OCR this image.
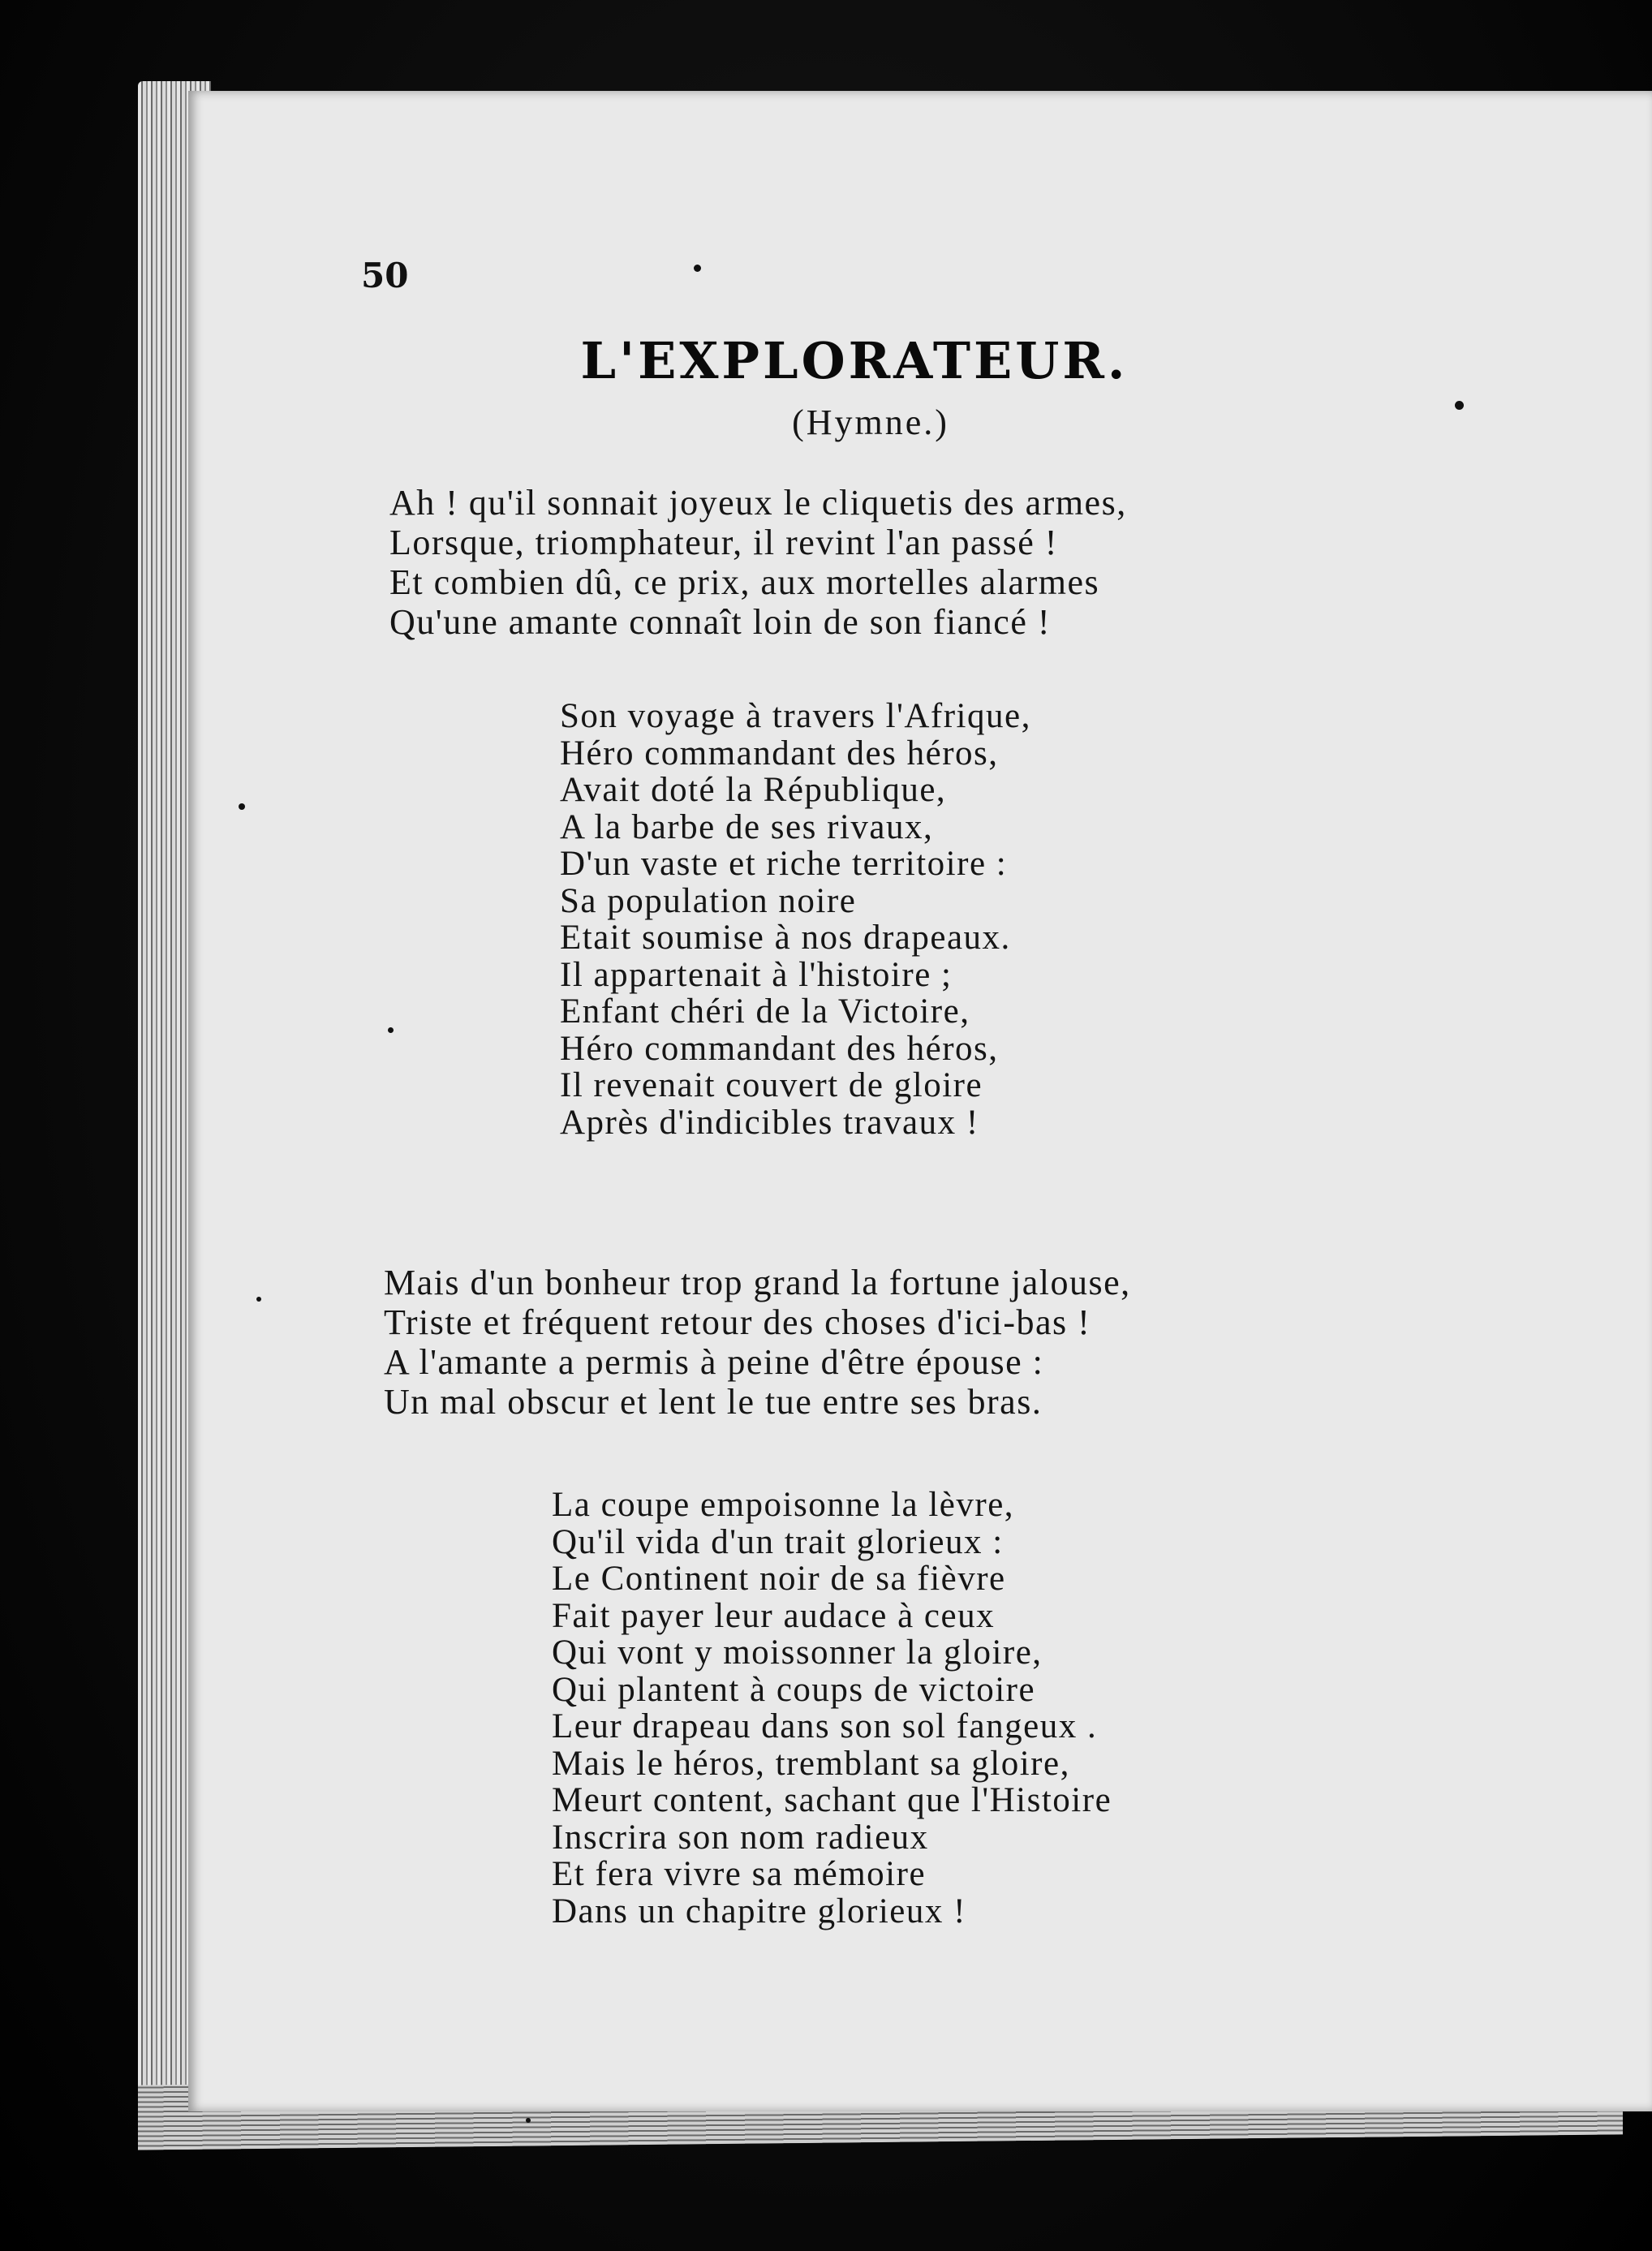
50
L'EXPLORATEUR.
(Hymne.)
Ah ! qu'il sonnait joyeux le cliquetis des armes,
Lorsque, triomphateur, il revint l'an passé !
Et combien dû, ce prix, aux mortelles alarmes
Qu'une amante connaît loin de son fiancé !
Son voyage à travers l'Afrique,
Héro commandant des héros,
Avait doté la République,
A la barbe de ses rivaux,
D'un vaste et riche territoire :
Sa population noire
Etait soumise à nos drapeaux.
Il appartenait à l'histoire ;
Enfant chéri de la Victoire,
Héro commandant des héros,
Il revenait couvert de gloire
Après d'indicibles travaux !
Mais d'un bonheur trop grand la fortune jalouse,
Triste et fréquent retour des choses d'ici-bas !
A l'amante a permis à peine d'être épouse :
Un mal obscur et lent le tue entre ses bras.
La coupe empoisonne la lèvre,
Qu'il vida d'un trait glorieux :
Le Continent noir de sa fièvre
Fait payer leur audace à ceux
Qui vont y moissonner la gloire,
Qui plantent à coups de victoire
Leur drapeau dans son sol fangeux .
Mais le héros, tremblant sa gloire,
Meurt content, sachant que l'Histoire
Inscrira son nom radieux
Et fera vivre sa mémoire
Dans un chapitre glorieux !
